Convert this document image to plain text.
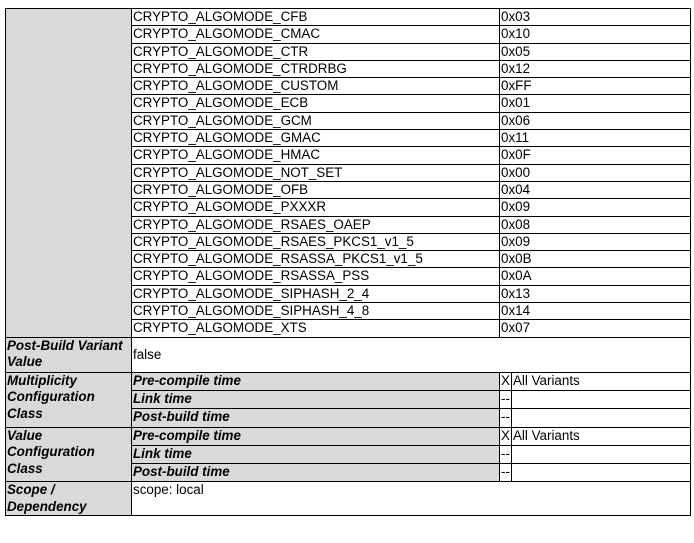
	CRYPTO_ALGOMODE_CFB	0x03	
	CRYPTO_ALGOMODE_CMAC	0x10	
	CRYPTO_ALGOMODE_CTR	0x05	
	CRYPTO_ALGOMODE_CTRDRBG	0x12	
	CRYPTO_ALGOMODE_CUSTOM	0xFF	
	CRYPTO_ALGOMODE_ECB	0x01	
	CRYPTO_ALGOMODE_GCM	0x06	
	CRYPTO_ALGOMODE_GMAC	0x11	
	CRYPTO_ALGOMODE_HMAC	0x0F	
	CRYPTO_ALGOMODE_NOT_SET	0x00	
	CRYPTO_ALGOMODE_OFB	0x04	
	CRYPTO_ALGOMODE_PXXXR	0x09	
	CRYPTO_ALGOMODE_RSAES_OAEP	0x08	
	CRYPTO_ALGOMODE_RSAES_PKCS1_v1_5	0x09	
	CRYPTO_ALGOMODE_RSASSA_PKCS1_v1_5	0x0B	
	CRYPTO_ALGOMODE_RSASSA_PSS	0x0A	
	CRYPTO_ALGOMODE_SIPHASH_2_4	0x13	
	CRYPTO_ALGOMODE_SIPHASH_4_8	0x14	
	CRYPTO_ALGOMODE_XTS	0x07	
Post-Build Variant Value	false		
Multiplicity Configuration Class	Pre-compile time	X	All Variants
	Link time	--	
	Post-build time	--	
Value Configuration Class	Pre-compile time	X	All Variants
	Link time	--	
	Post-build time	--	
Scope / Dependency	scope: local		
